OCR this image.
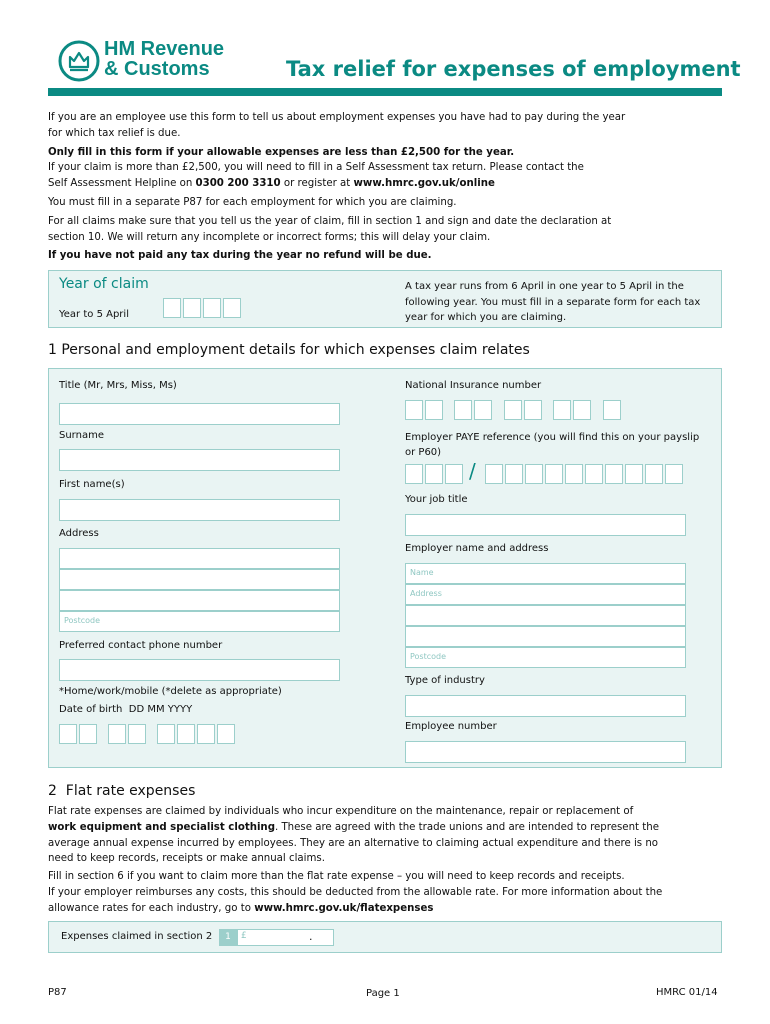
HM Revenue
& Customs	Tax relief for expenses of employment

If you are an employee use this form to tell us about employment expenses you have had to pay during the year for which tax relief is due.

Only fill in this form if your allowable expenses are less than £2,500 for the year.
If your claim is more than £2,500, you will need to fill in a Self Assessment tax return. Please contact the
Self Assessment Helpline on 0300 200 3310 or register at www.hmrc.gov.uk/online

You must fill in a separate P87 for each employment for which you are claiming.

For all claims make sure that you tell us the year of claim, fill in section 1 and sign and date the declaration at section 10. We will return any incomplete or incorrect forms; this will delay your claim.

If you have not paid any tax during the year no refund will be due.

Year of claim
Year to 5 April
A tax year runs from 6 April in one year to 5 April in the following year. You must fill in a separate form for each tax year for which you are claiming.
1 Personal and employment details for which expenses claim relates
Title (Mr, Mrs, Miss, Ms)
Surname
First name(s)
Address
Postcode
Preferred contact phone number
*Home/work/mobile (*delete as appropriate)
Date of birth  DD MM YYYY
National Insurance number
Employer PAYE reference (you will find this on your payslip or P60)
/
Your job title
Employer name and address
Name
Address
Postcode
Type of industry
Employee number
2  Flat rate expenses

Flat rate expenses are claimed by individuals who incur expenditure on the maintenance, repair or replacement of work equipment and specialist clothing. These are agreed with the trade unions and are intended to represent the average annual expense incurred by employees. They are an alternative to claiming actual expenditure and there is no need to keep records, receipts or make annual claims.

Fill in section 6 if you want to claim more than the flat rate expense – you will need to keep records and receipts.

If your employer reimburses any costs, this should be deducted from the allowable rate. For more information about the allowance rates for each industry, go to www.hmrc.gov.uk/flatexpenses

Expenses claimed in section 2	1	£	.
P87	Page 1	HMRC 01/14
